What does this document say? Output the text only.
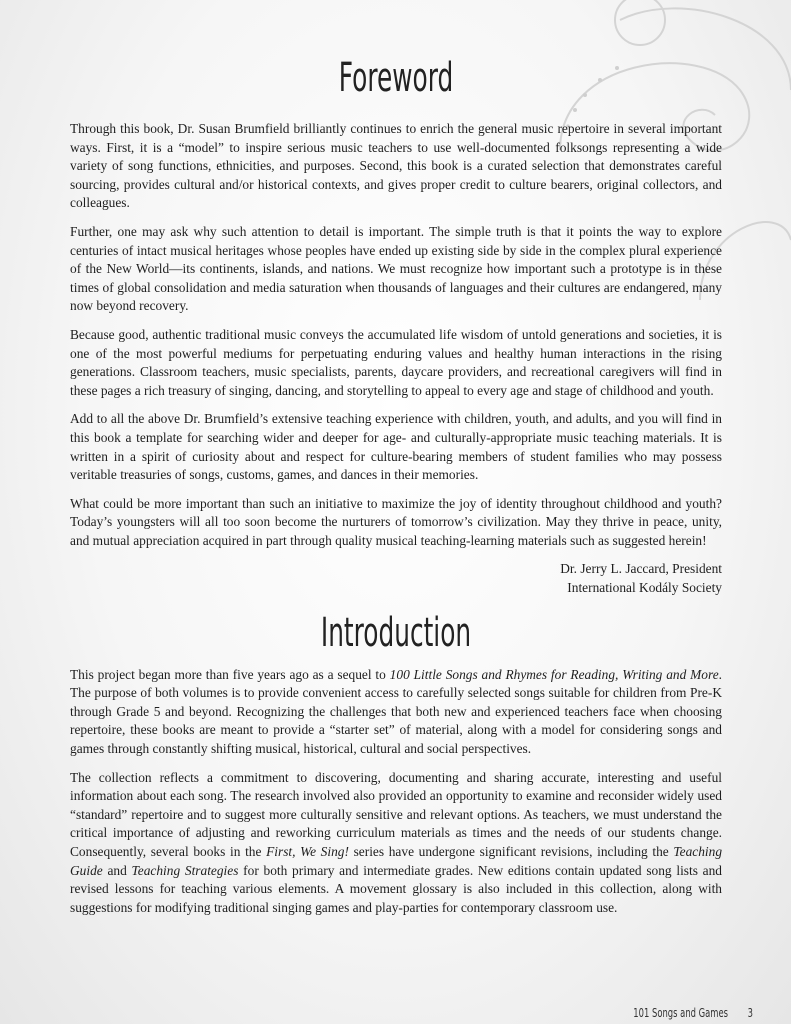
Foreword

Through this book, Dr. Susan Brumfield brilliantly continues to enrich the general music repertoire in several important ways. First, it is a “model” to inspire serious music teachers to use well-documented folksongs representing a wide variety of song functions, ethnicities, and purposes. Second, this book is a curated selection that demonstrates careful sourcing, provides cultural and/or historical contexts, and gives proper credit to culture bearers, original collectors, and colleagues.

Further, one may ask why such attention to detail is important. The simple truth is that it points the way to explore centuries of intact musical heritages whose peoples have ended up existing side by side in the complex plural experience of the New World—its continents, islands, and nations. We must recognize how important such a prototype is in these times of global consolidation and media saturation when thousands of languages and their cultures are endangered, many now beyond recovery.

Because good, authentic traditional music conveys the accumulated life wisdom of untold generations and societies, it is one of the most powerful mediums for perpetuating enduring values and healthy human interactions in the rising generations. Classroom teachers, music specialists, parents, daycare providers, and recreational caregivers will find in these pages a rich treasury of singing, dancing, and storytelling to appeal to every age and stage of childhood and youth.

Add to all the above Dr. Brumfield’s extensive teaching experience with children, youth, and adults, and you will find in this book a template for searching wider and deeper for age- and culturally-appropriate music teaching materials. It is written in a spirit of curiosity about and respect for culture-bearing members of student families who may possess veritable treasuries of songs, customs, games, and dances in their memories.

What could be more important than such an initiative to maximize the joy of identity throughout childhood and youth? Today’s youngsters will all too soon become the nurturers of tomorrow’s civilization. May they thrive in peace, unity, and mutual appreciation acquired in part through quality musical teaching-learning materials such as suggested herein!

Dr. Jerry L. Jaccard, President
International Kodály Society
Introduction

This project began more than five years ago as a sequel to 100 Little Songs and Rhymes for Reading, Writing and More. The purpose of both volumes is to provide convenient access to carefully selected songs suitable for children from Pre-K through Grade 5 and beyond. Recognizing the challenges that both new and experienced teachers face when choosing repertoire, these books are meant to provide a “starter set” of material, along with a model for considering songs and games through constantly shifting musical, historical, cultural and social perspectives.

The collection reflects a commitment to discovering, documenting and sharing accurate, interesting and useful information about each song. The research involved also provided an opportunity to examine and reconsider widely used “standard” repertoire and to suggest more culturally sensitive and relevant options. As teachers, we must understand the critical importance of adjusting and reworking curriculum materials as times and the needs of our students change. Consequently, several books in the First, We Sing! series have undergone significant revisions, including the Teaching Guide and Teaching Strategies for both primary and intermediate grades. New editions contain updated song lists and revised lessons for teaching various elements. A movement glossary is also included in this collection, along with suggestions for modifying traditional singing games and play-parties for contemporary classroom use.

101 Songs and Games 3
